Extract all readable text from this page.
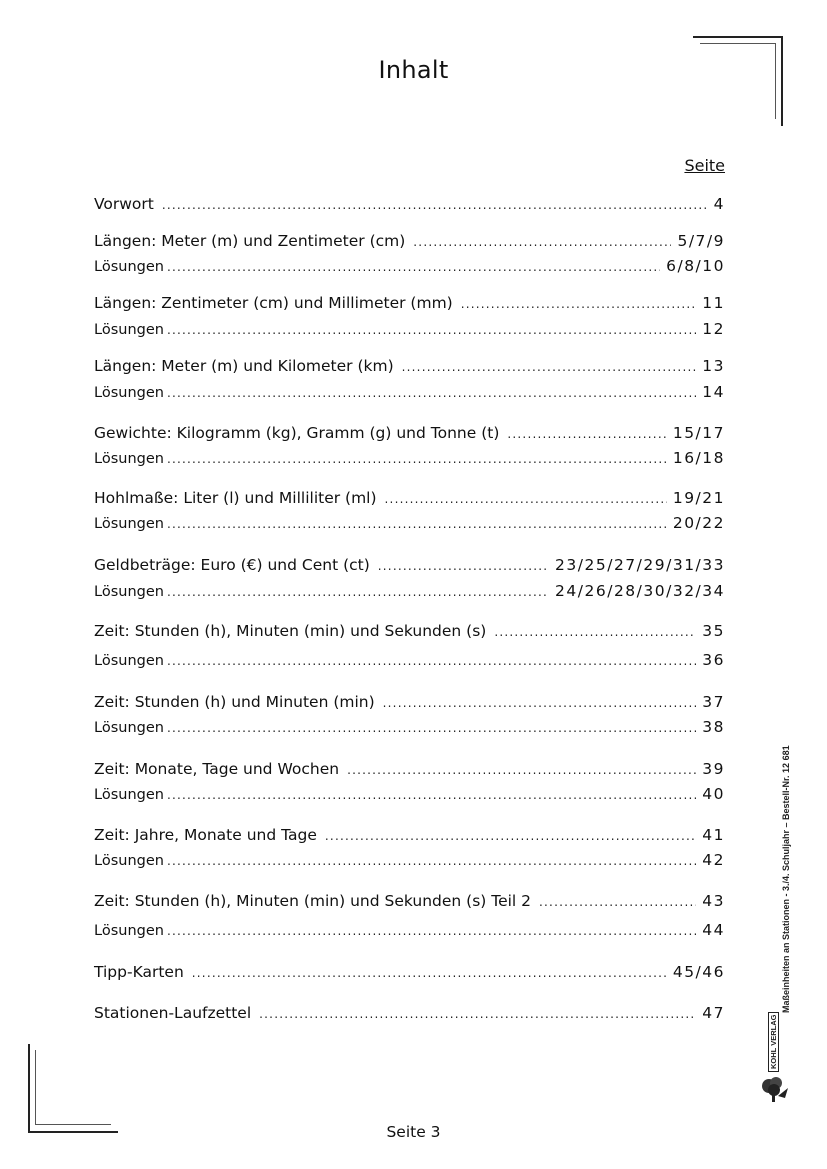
Inhalt
Seite
Vorwort .....	4
Längen: Meter (m) und Zentimeter (cm) .....	5/7/9
Lösungen .....	6/8/10
Längen: Zentimeter (cm) und Millimeter (mm) .....	11
Lösungen .....	12
Längen: Meter (m) und Kilometer (km) .....	13
Lösungen .....	14
Gewichte: Kilogramm (kg), Gramm (g) und Tonne (t) .....	15/17
Lösungen .....	16/18
Hohlmaße: Liter (l) und Milliliter (ml) .....	19/21
Lösungen .....	20/22
Geldbeträge: Euro (€) und Cent (ct) .....	23/25/27/29/31/33
Lösungen .....	24/26/28/30/32/34
Zeit: Stunden (h), Minuten (min) und Sekunden (s) .....	35
Lösungen .....	36
Zeit: Stunden (h) und Minuten (min) .....	37
Lösungen .....	38
Zeit: Monate, Tage und Wochen .....	39
Lösungen .....	40
Zeit: Jahre, Monate und Tage .....	41
Lösungen .....	42
Zeit: Stunden (h), Minuten (min) und Sekunden (s) Teil 2 .....	43
Lösungen .....	44
Tipp-Karten .....	45/46
Stationen-Laufzettel .....	47	Maßeinheiten an Stationen - 3./4. Schuljahr – Bestell-Nr. 12 681
KOHL VERLAG
Seite 3
